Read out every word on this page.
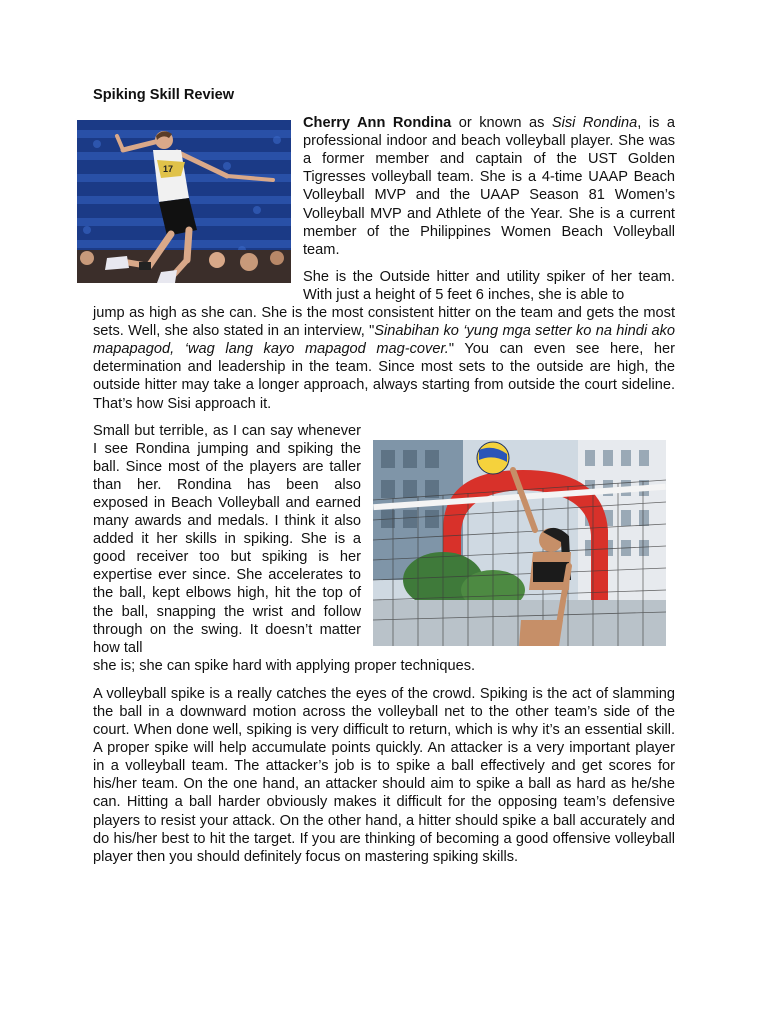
17
Spiking Skill Review

Cherry Ann Rondina or known as Sisi Rondina, is a professional indoor and beach volleyball player. She was a former member and captain of the UST Golden Tigresses volleyball team. She is a 4-time UAAP Beach Volleyball MVP and the UAAP Season 81 Women’s Volleyball MVP and Athlete of the Year. She is a current member of the Philippines Women Beach Volleyball team.

She is the Outside hitter and utility spiker of her team. With just a height of 5 feet 6 inches, she is able to

jump as high as she can. She is the most consistent hitter on the team and gets the most sets. Well, she also stated in an interview, "Sinabihan ko ‘yung mga setter ko na hindi ako mapapagod, ‘wag lang kayo mapagod mag-cover." You can even see here, her determination and leadership in the team. Since most sets to the outside are high, the outside hitter may take a longer approach, always starting from outside the court sideline. That’s how Sisi approach it.

Small but terrible, as I can say whenever I see Rondina jumping and spiking the ball. Since most of the players are taller than her. Rondina has been also exposed in Beach Volleyball and earned many awards and medals. I think it also added it her skills in spiking. She is a good receiver too but spiking is her expertise ever since. She accelerates to the ball, kept elbows high, hit the top of the ball, snapping the wrist and follow through on the swing. It doesn’t matter how tall

she is; she can spike hard with applying proper techniques.

A volleyball spike is a really catches the eyes of the crowd. Spiking is the act of slamming the ball in a downward motion across the volleyball net to the other team’s side of the court. When done well, spiking is very difficult to return, which is why it’s an essential skill. A proper spike will help accumulate points quickly. An attacker is a very important player in a volleyball team. The attacker’s job is to spike a ball effectively and get scores for his/her team. On the one hand, an attacker should aim to spike a ball as hard as he/she can. Hitting a ball harder obviously makes it difficult for the opposing team’s defensive players to resist your attack. On the other hand, a hitter should spike a ball accurately and do his/her best to hit the target. If you are thinking of becoming a good offensive volleyball player then you should definitely focus on mastering spiking skills.
